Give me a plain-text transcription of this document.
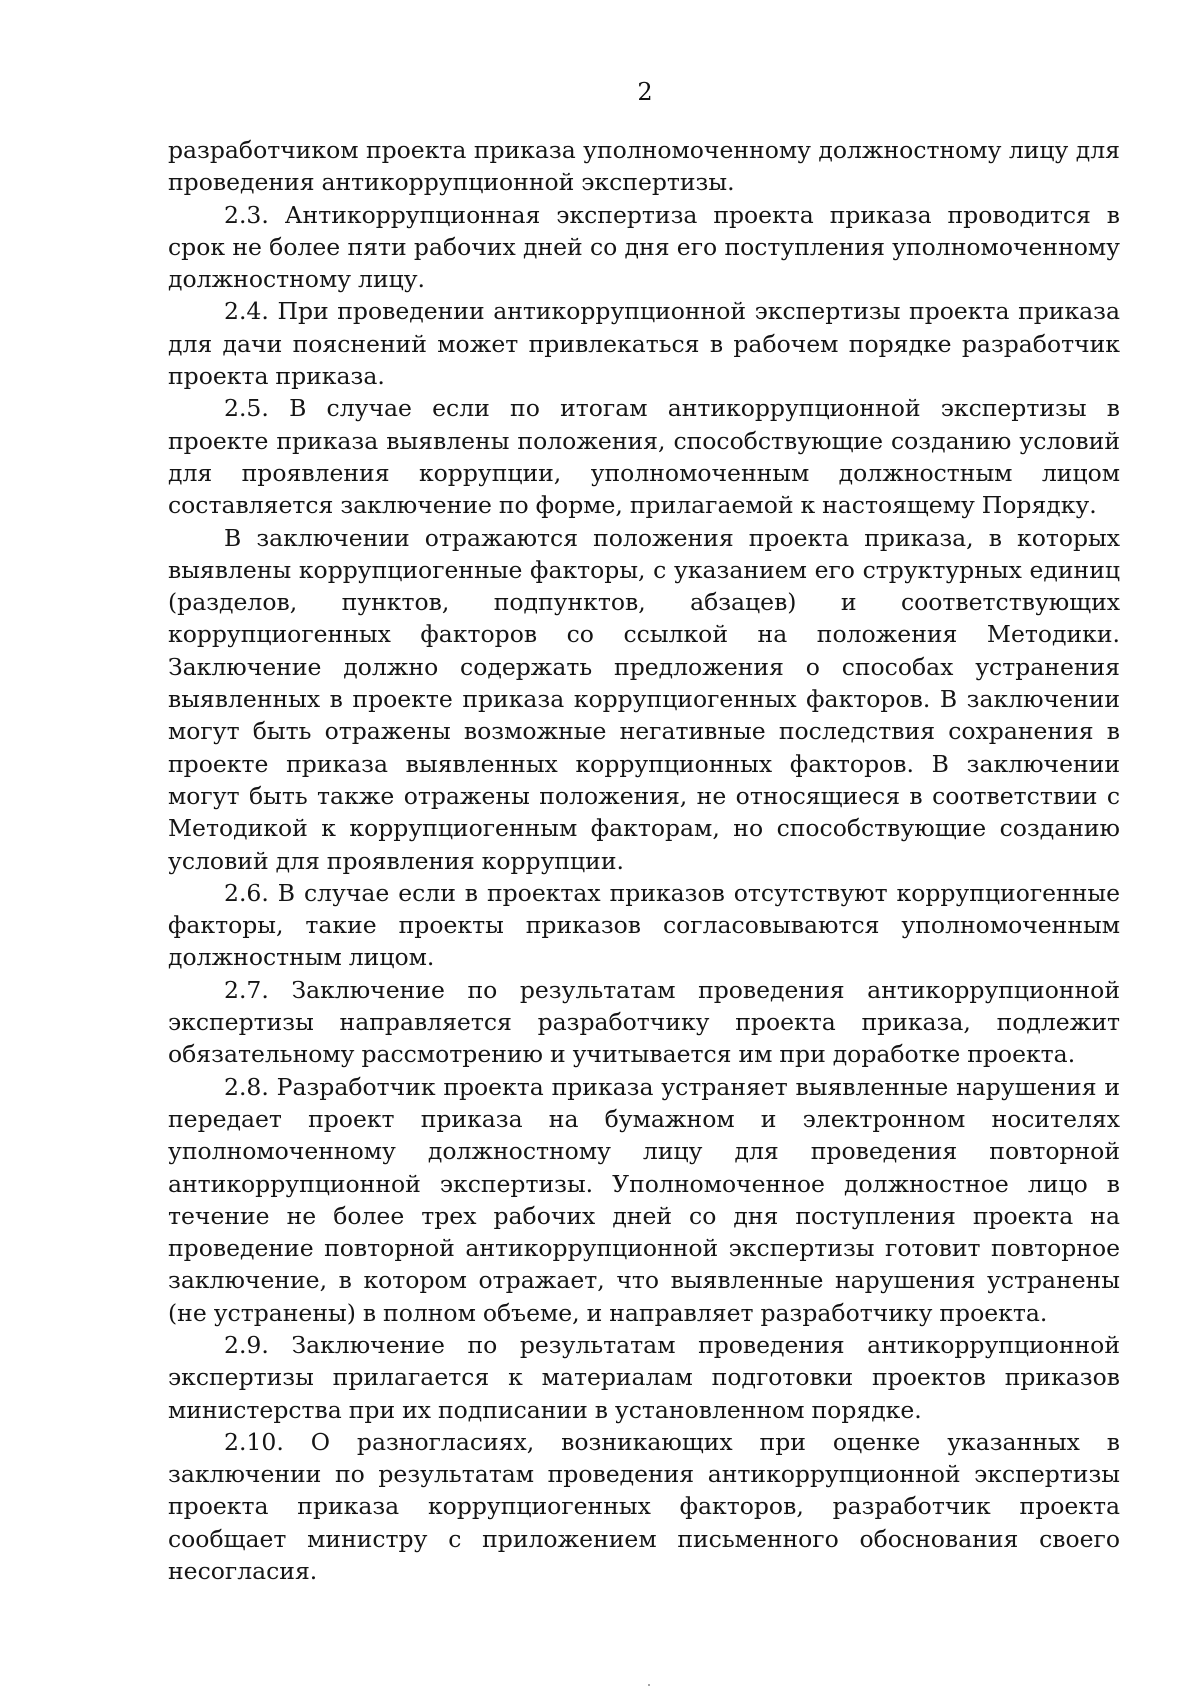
2

разработчиком проекта приказа уполномоченному должностному лицу для проведения антикоррупционной экспертизы.

2.3. Антикоррупционная экспертиза проекта приказа проводится в срок не более пяти рабочих дней со дня его поступления уполномоченному должностному лицу.

2.4. При проведении антикоррупционной экспертизы проекта приказа для дачи пояснений может привлекаться в рабочем порядке разработчик проекта приказа.

2.5. В случае если по итогам антикоррупционной экспертизы в проекте приказа выявлены положения, способствующие созданию условий для проявления коррупции, уполномоченным должностным лицом составляется заключение по форме, прилагаемой к настоящему Порядку.

В заключении отражаются положения проекта приказа, в которых выявлены коррупциогенные факторы, с указанием его структурных единиц (разделов, пунктов, подпунктов, абзацев) и соответствующих коррупциогенных факторов со ссылкой на положения Методики. Заключение должно содержать предложения о способах устранения выявленных в проекте приказа коррупциогенных факторов. В заключении могут быть отражены возможные негативные последствия сохранения в проекте приказа выявленных коррупционных факторов. В заключении могут быть также отражены положения, не относящиеся в соответствии с Методикой к коррупциогенным факторам, но способствующие созданию условий для проявления коррупции.

2.6. В случае если в проектах приказов отсутствуют коррупциогенные факторы, такие проекты приказов согласовываются уполномоченным должностным лицом.

2.7. Заключение по результатам проведения антикоррупционной экспертизы направляется разработчику проекта приказа, подлежит обязательному рассмотрению и учитывается им при доработке проекта.

2.8. Разработчик проекта приказа устраняет выявленные нарушения и передает проект приказа на бумажном и электронном носителях уполномоченному должностному лицу для проведения повторной антикоррупционной экспертизы. Уполномоченное должностное лицо в течение не более трех рабочих дней со дня поступления проекта на проведение повторной антикоррупционной экспертизы готовит повторное заключение, в котором отражает, что выявленные нарушения устранены (не устранены) в полном объеме, и направляет разработчику проекта.

2.9. Заключение по результатам проведения антикоррупционной экспертизы прилагается к материалам подготовки проектов приказов министерства при их подписании в установленном порядке.

2.10. О разногласиях, возникающих при оценке указанных в заключении по результатам проведения антикоррупционной экспертизы проекта приказа коррупциогенных факторов, разработчик проекта сообщает министру с приложением письменного обоснования своего несогласия.
